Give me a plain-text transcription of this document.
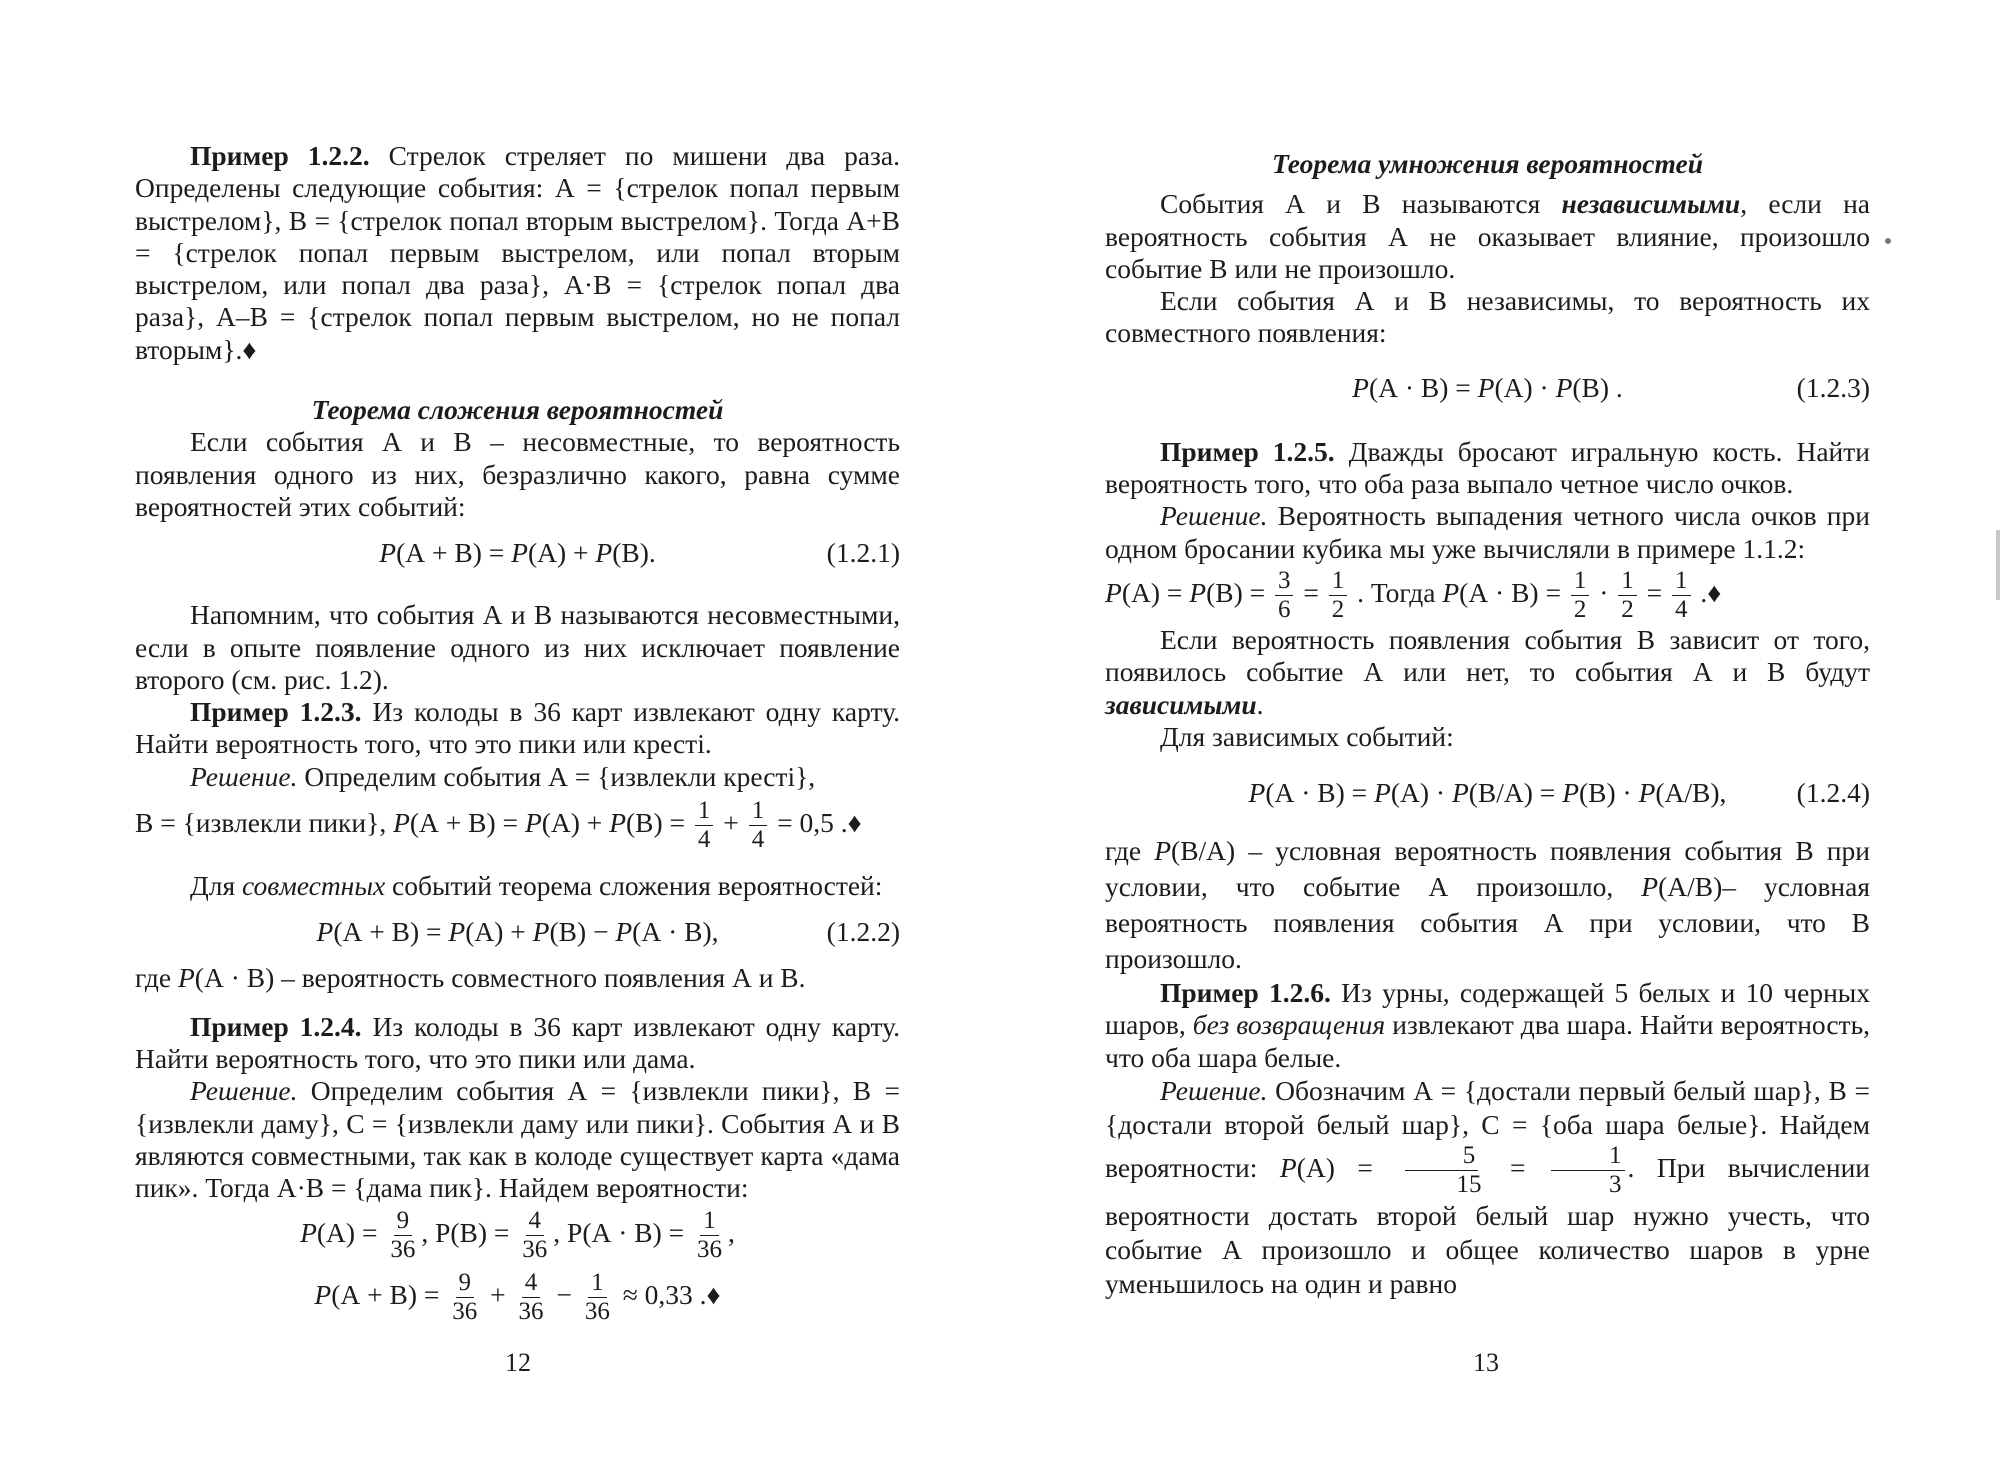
Пример 1.2.2. Стрелок стреляет по мишени два раза. Определены следующие события: А = {стрелок попал первым выстрелом}, В = {стрелок попал вторым выстрелом}. Тогда А+В = {стрелок попал первым выстрелом, или попал вторым выстрелом, или попал два раза}, А·В = {стрелок попал два раза}, А–В = {стрелок попал первым выстрелом, но не попал вторым}.♦

Теорема сложения вероятностей

Если события А и В – несовместные, то вероятность появления одного из них, безразлично какого, равна сумме вероятностей этих событий:

P(А + В) = P(А) + P(В).	(1.2.1)

Напомним, что события А и В называются несовместными, если в опыте появление одного из них исключает появление второго (см. рис. 1.2).

Пример 1.2.3. Из колоды в 36 карт извлекают одну карту. Найти вероятность того, что это пики или кресті.

Решение. Определим события А = {извлекли кресті},

В = {извлекли пики}, $P(А + В) = P(А) + P(В) = \frac{1}{4} + \frac{1}{4} = 0,5$ .♦

Для совместных событий теорема сложения вероятностей:

P(А + В) = P(А) + P(В) − P(А · В),	(1.2.2)

где P(А · В) – вероятность совместного появления А и В.

Пример 1.2.4. Из колоды в 36 карт извлекают одну карту. Найти вероятность того, что это пики или дама.

Решение. Определим события А = {извлекли пики}, В = {извлекли даму}, С = {извлекли даму или пики}. События А и В являются совместными, так как в колоде существует карта «дама пик». Тогда А·В = {дама пик}. Найдем вероятности:

$P(А) = \frac{9}{36}$ , $P(В) = \frac{4}{36}$ , $P(А \cdot В) = \frac{1}{36}$ ,
$P(А + В) = \frac{9}{36} + \frac{4}{36} - \frac{1}{36} \approx 0,33$ .♦
12
Теорема умножения вероятностей

События А и В называются независимыми, если на вероятность события А не оказывает влияние, произошло событие В или не произошло.

Если события А и В независимы, то вероятность их совместного появления:

P(А · В) = P(А) · P(В) .	(1.2.3)

Пример 1.2.5. Дважды бросают игральную кость. Найти вероятность того, что оба раза выпало четное число очков.

Решение. Вероятность выпадения четного числа очков при одном бросании кубика мы уже вычисляли в примере 1.1.2:

$P(А) = P(В) = \frac{3}{6} = \frac{1}{2}$ . Тогда $P(А \cdot В) = \frac{1}{2} \cdot \frac{1}{2} = \frac{1}{4}$ .♦

Если вероятность появления события В зависит от того, появилось событие А или нет, то события А и В будут зависимыми.

Для зависимых событий:

P(А · В) = P(А) · P(В/А) = P(В) · P(А/В),	(1.2.4)

где P(В/А) – условная вероятность появления события В при условии, что событие А произошло, P(А/В)– условная вероятность появления события А при условии, что В произошло.

Пример 1.2.6. Из урны, содержащей 5 белых и 10 черных шаров, без возвращения извлекают два шара. Найти вероятность, что оба шара белые.

Решение. Обозначим А = {достали первый белый шар}, В = {достали второй белый шар}, С = {оба шара белые}. Найдем вероятности: $P(А) = \frac{5}{15} = \frac{1}{3}$ . При вычислении вероятности достать второй белый шар нужно учесть, что событие А произошло и общее количество шаров в урне уменьшилось на один и равно

13
